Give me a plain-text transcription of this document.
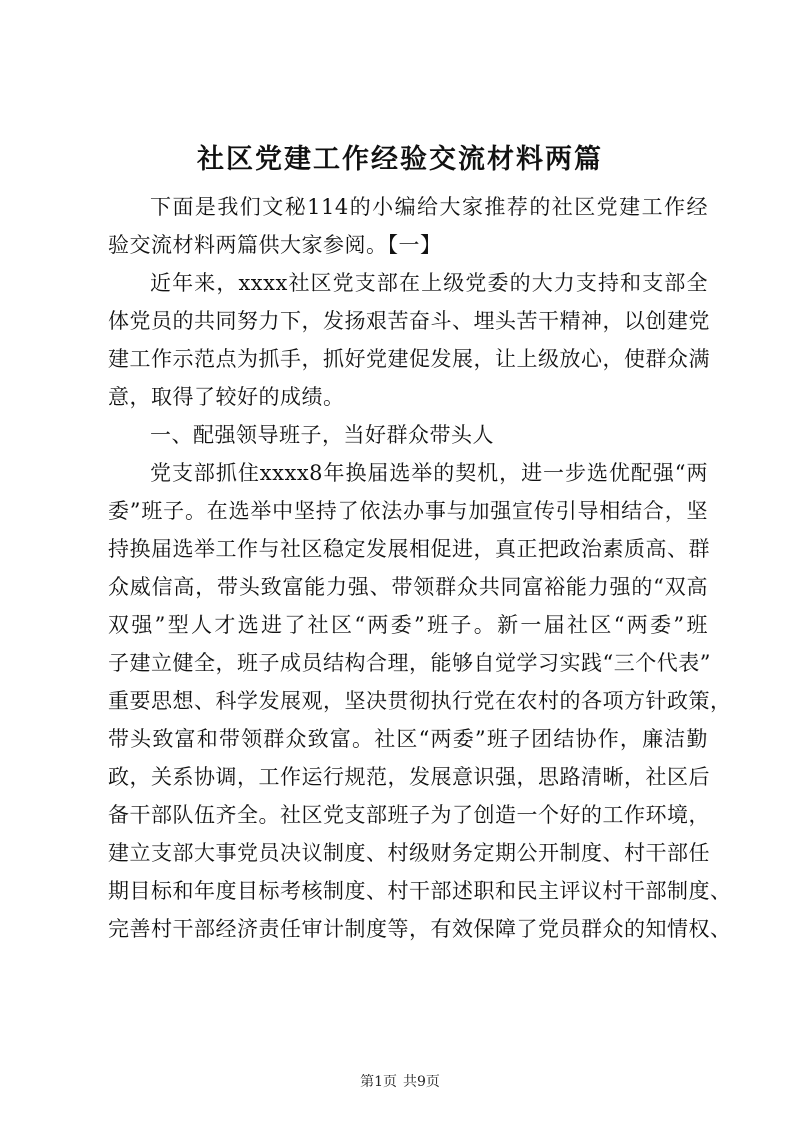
社区党建工作经验交流材料两篇
下面是我们文秘114的小编给大家推荐的社区党建工作经
验交流材料两篇供大家参阅。【一】
近年来，xxxx社区党支部在上级党委的大力支持和支部全
体党员的共同努力下，发扬艰苦奋斗、埋头苦干精神，以创建党
建工作示范点为抓手，抓好党建促发展，让上级放心，使群众满
意，取得了较好的成绩。
一、配强领导班子，当好群众带头人
党支部抓住xxxx8年换届选举的契机，进一步选优配强“两
委”班子。在选举中坚持了依法办事与加强宣传引导相结合，坚
持换届选举工作与社区稳定发展相促进，真正把政治素质高、群
众威信高，带头致富能力强、带领群众共同富裕能力强的“双高
双强”型人才选进了社区“两委”班子。新一届社区“两委”班
子建立健全，班子成员结构合理，能够自觉学习实践“三个代表”
重要思想、科学发展观，坚决贯彻执行党在农村的各项方针政策，
带头致富和带领群众致富。社区“两委”班子团结协作，廉洁勤
政，关系协调，工作运行规范，发展意识强，思路清晰，社区后
备干部队伍齐全。社区党支部班子为了创造一个好的工作环境，
建立支部大事党员决议制度、村级财务定期公开制度、村干部任
期目标和年度目标考核制度、村干部述职和民主评议村干部制度、
完善村干部经济责任审计制度等，有效保障了党员群众的知情权、
第1页 共9页
